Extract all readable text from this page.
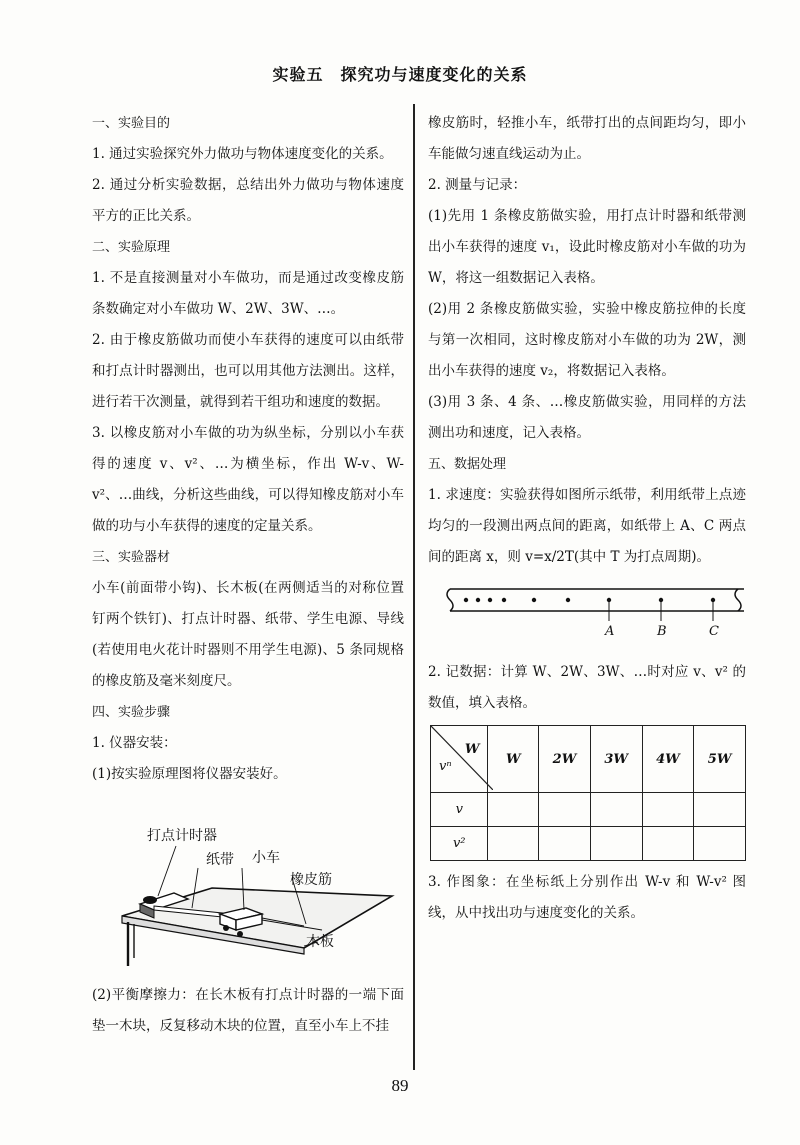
实验五　探究功与速度变化的关系

一、实验目的

1. 通过实验探究外力做功与物体速度变化的关系。

2. 通过分析实验数据，总结出外力做功与物体速度平方的正比关系。

二、实验原理

1. 不是直接测量对小车做功，而是通过改变橡皮筋条数确定对小车做功 W、2W、3W、…。

2. 由于橡皮筋做功而使小车获得的速度可以由纸带和打点计时器测出，也可以用其他方法测出。这样，进行若干次测量，就得到若干组功和速度的数据。

3. 以橡皮筋对小车做的功为纵坐标，分别以小车获得的速度 v、v²、…为横坐标，作出 W-v、W-v²、…曲线，分析这些曲线，可以得知橡皮筋对小车做的功与小车获得的速度的定量关系。

三、实验器材

小车(前面带小钩)、长木板(在两侧适当的对称位置钉两个铁钉)、打点计时器、纸带、学生电源、导线(若使用电火花计时器则不用学生电源)、5 条同规格的橡皮筋及毫米刻度尺。

四、实验步骤

1. 仪器安装：

(1)按实验原理图将仪器安装好。

打点计时器
纸带 小车
橡皮筋
木板

(2)平衡摩擦力：在长木板有打点计时器的一端下面垫一木块，反复移动木块的位置，直至小车上不挂

橡皮筋时，轻推小车，纸带打出的点间距均匀，即小车能做匀速直线运动为止。

2. 测量与记录：

(1)先用 1 条橡皮筋做实验，用打点计时器和纸带测出小车获得的速度 v₁，设此时橡皮筋对小车做的功为 W，将这一组数据记入表格。

(2)用 2 条橡皮筋做实验，实验中橡皮筋拉伸的长度与第一次相同，这时橡皮筋对小车做的功为 2W，测出小车获得的速度 v₂，将数据记入表格。

(3)用 3 条、4 条、…橡皮筋做实验，用同样的方法测出功和速度，记入表格。

五、数据处理

1. 求速度：实验获得如图所示纸带，利用纸带上点迹均匀的一段测出两点间的距离，如纸带上 A、C 两点间的距离 x，则 v=x/2T(其中 T 为打点周期)。

A	B	C

2. 记数据：计算 W、2W、3W、…时对应 v、v² 的数值，填入表格。

W
vⁿ	W	2W	3W	4W	5W
v					
v²					

3. 作图象：在坐标纸上分别作出 W-v 和 W-v² 图线，从中找出功与速度变化的关系。

89
